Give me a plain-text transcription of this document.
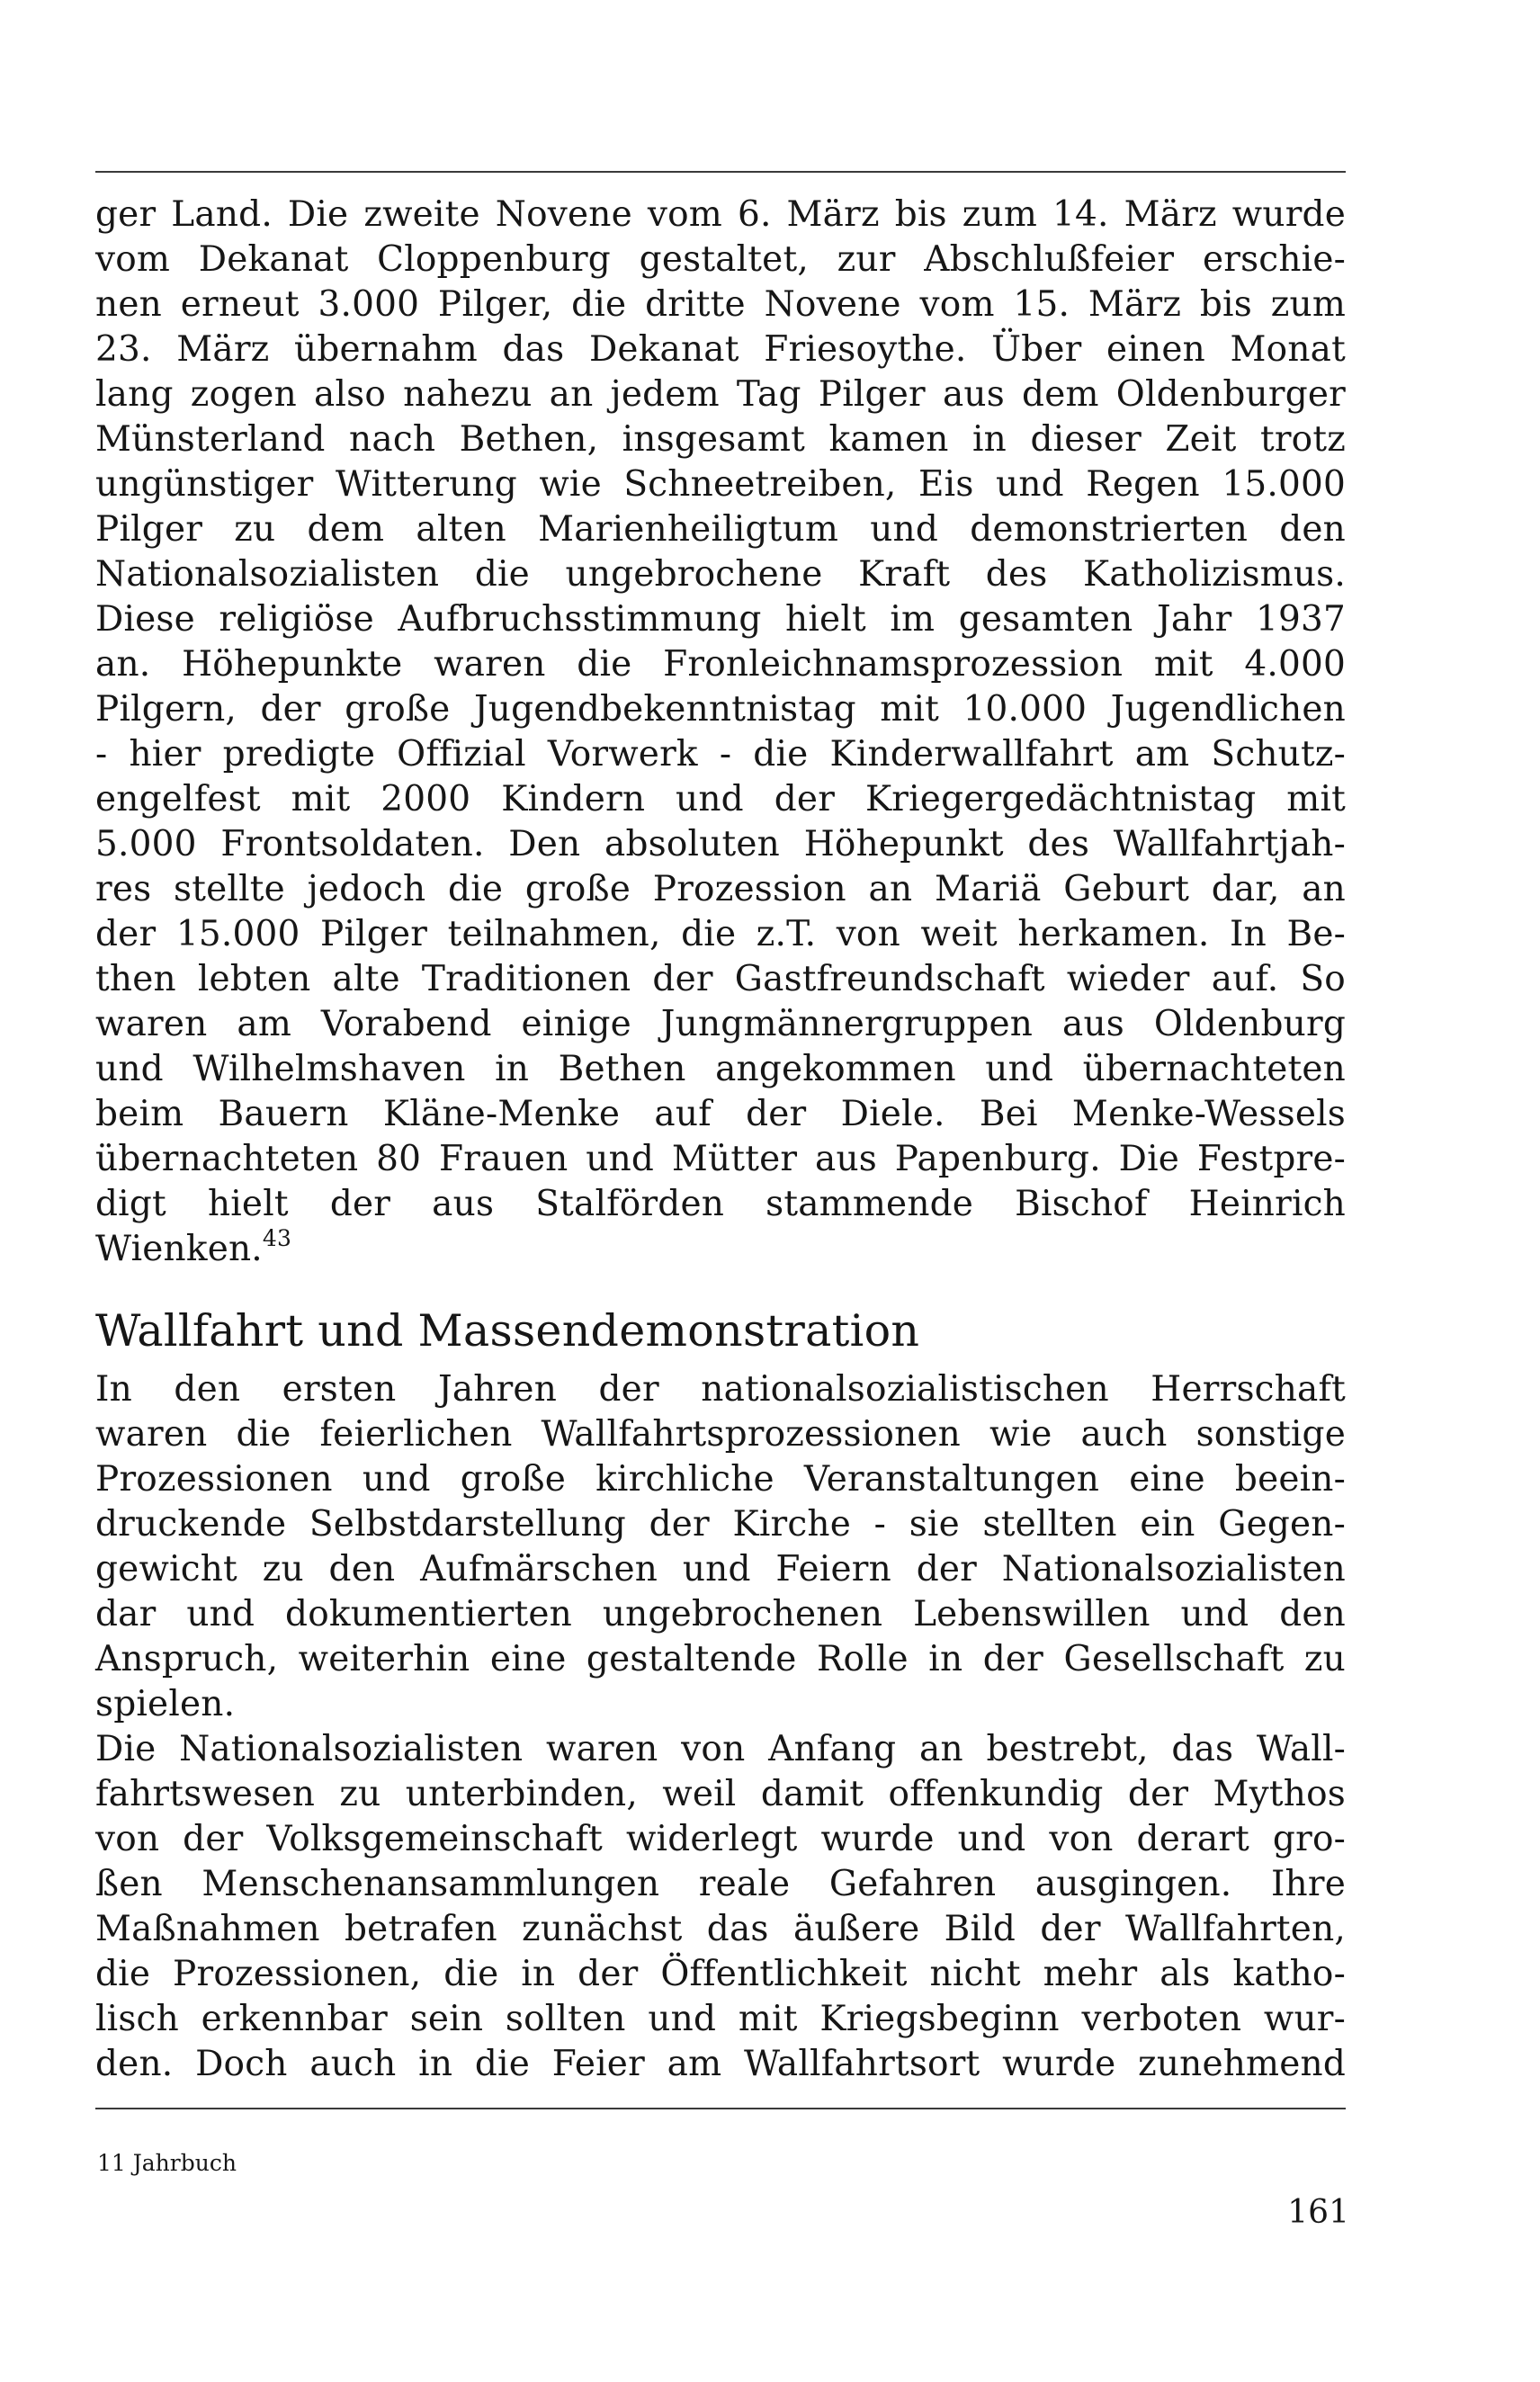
ger Land. Die zweite Novene vom 6. März bis zum 14. März wurde
vom Dekanat Cloppenburg gestaltet, zur Abschlußfeier erschie-
nen erneut 3.000 Pilger, die dritte Novene vom 15. März bis zum
23. März übernahm das Dekanat Friesoythe. Über einen Monat
lang zogen also nahezu an jedem Tag Pilger aus dem Oldenburger
Münsterland nach Bethen, insgesamt kamen in dieser Zeit trotz
ungünstiger Witterung wie Schneetreiben, Eis und Regen 15.000
Pilger zu dem alten Marienheiligtum und demonstrierten den
Nationalsozialisten die ungebrochene Kraft des Katholizismus.
Diese religiöse Aufbruchsstimmung hielt im gesamten Jahr 1937
an. Höhepunkte waren die Fronleichnamsprozession mit 4.000
Pilgern, der große Jugendbekenntnistag mit 10.000 Jugendlichen
- hier predigte Offizial Vorwerk - die Kinderwallfahrt am Schutz-
engelfest mit 2000 Kindern und der Kriegergedächtnistag mit
5.000 Frontsoldaten. Den absoluten Höhepunkt des Wallfahrtjah-
res stellte jedoch die große Prozession an Mariä Geburt dar, an
der 15.000 Pilger teilnahmen, die z.T. von weit herkamen. In Be-
then lebten alte Traditionen der Gastfreundschaft wieder auf. So
waren am Vorabend einige Jungmännergruppen aus Oldenburg
und Wilhelmshaven in Bethen angekommen und übernachteten
beim Bauern Kläne-Menke auf der Diele. Bei Menke-Wessels
übernachteten 80 Frauen und Mütter aus Papenburg. Die Festpre-
digt hielt der aus Stalförden stammende Bischof Heinrich
Wienken.$^{43}$
Wallfahrt und Massendemonstration
In den ersten Jahren der nationalsozialistischen Herrschaft
waren die feierlichen Wallfahrtsprozessionen wie auch sonstige
Prozessionen und große kirchliche Veranstaltungen eine beein-
druckende Selbstdarstellung der Kirche - sie stellten ein Gegen-
gewicht zu den Aufmärschen und Feiern der Nationalsozialisten
dar und dokumentierten ungebrochenen Lebenswillen und den
Anspruch, weiterhin eine gestaltende Rolle in der Gesellschaft zu
spielen.
Die Nationalsozialisten waren von Anfang an bestrebt, das Wall-
fahrtswesen zu unterbinden, weil damit offenkundig der Mythos
von der Volksgemeinschaft widerlegt wurde und von derart gro-
ßen Menschenansammlungen reale Gefahren ausgingen. Ihre
Maßnahmen betrafen zunächst das äußere Bild der Wallfahrten,
die Prozessionen, die in der Öffentlichkeit nicht mehr als katho-
lisch erkennbar sein sollten und mit Kriegsbeginn verboten wur-
den. Doch auch in die Feier am Wallfahrtsort wurde zunehmend
11 Jahrbuch
161
